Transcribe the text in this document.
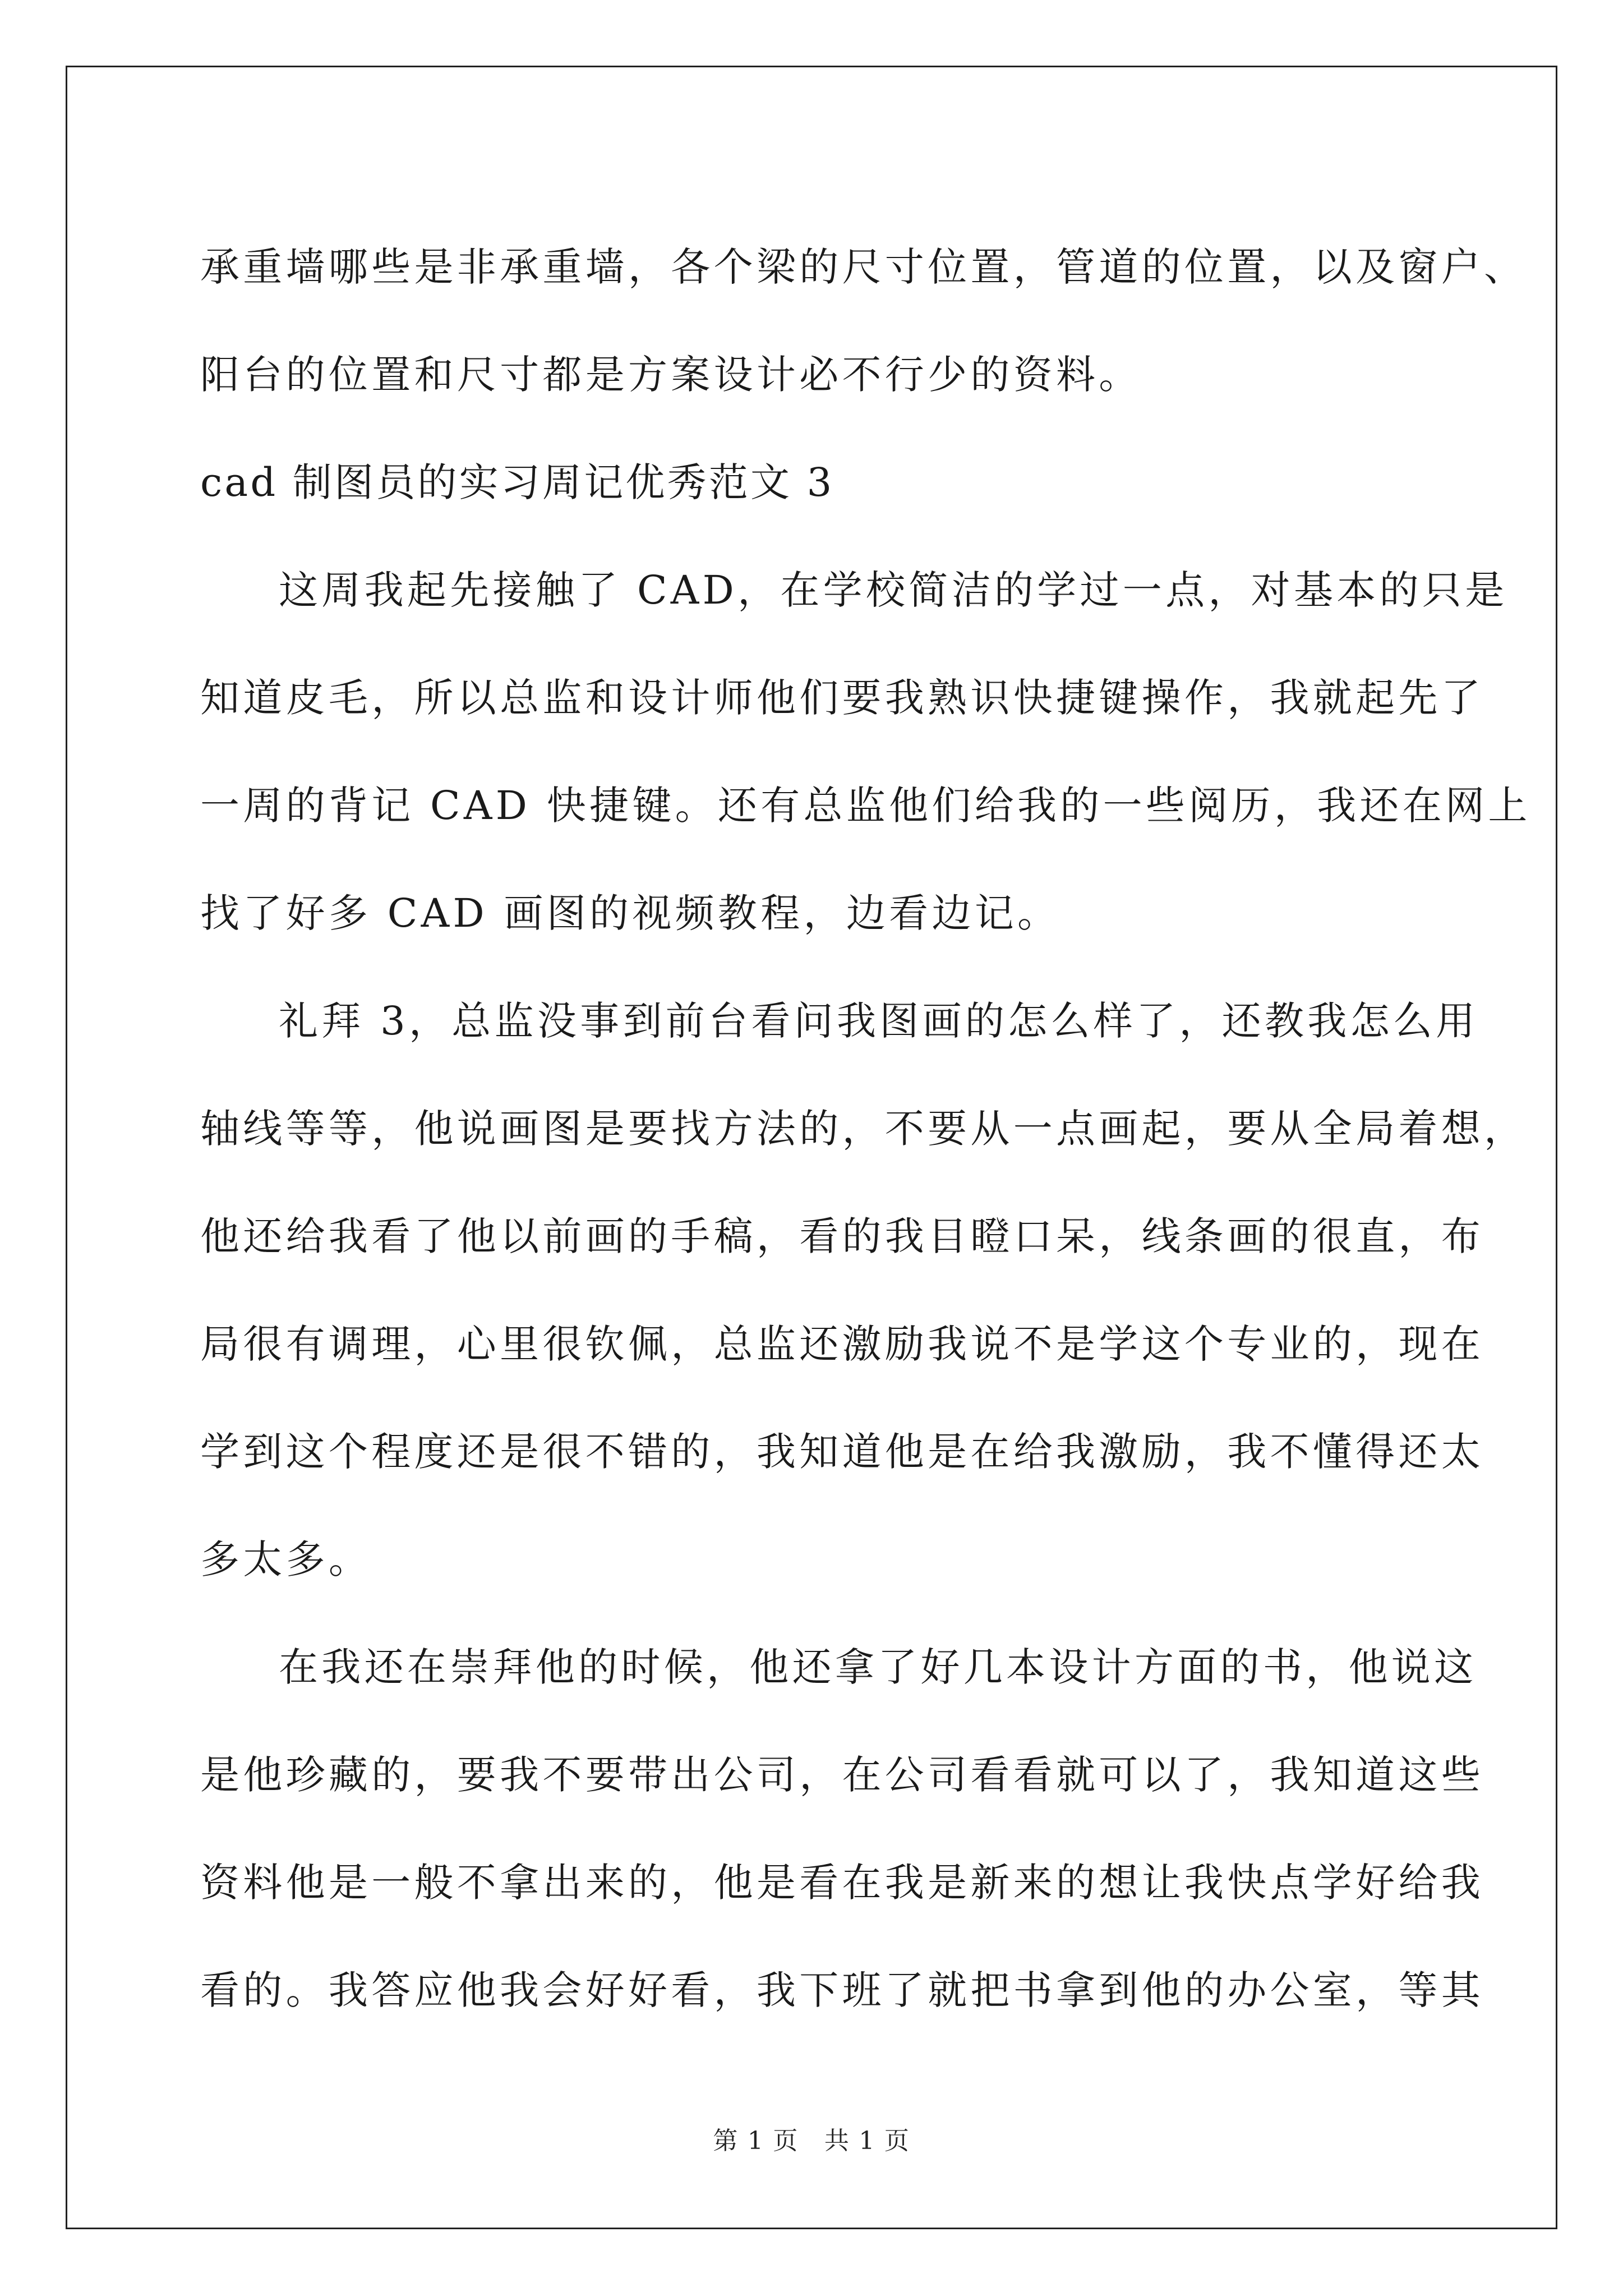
承重墙哪些是非承重墙，各个梁的尺寸位置，管道的位置，以及窗户、
阳台的位置和尺寸都是方案设计必不行少的资料。
cad 制图员的实习周记优秀范文 3
这周我起先接触了 CAD，在学校简洁的学过一点，对基本的只是
知道皮毛，所以总监和设计师他们要我熟识快捷键操作，我就起先了
一周的背记 CAD 快捷键。还有总监他们给我的一些阅历，我还在网上
找了好多 CAD 画图的视频教程，边看边记。
礼拜 3，总监没事到前台看问我图画的怎么样了，还教我怎么用
轴线等等，他说画图是要找方法的，不要从一点画起，要从全局着想，
他还给我看了他以前画的手稿，看的我目瞪口呆，线条画的很直，布
局很有调理，心里很钦佩，总监还激励我说不是学这个专业的，现在
学到这个程度还是很不错的，我知道他是在给我激励，我不懂得还太
多太多。
在我还在崇拜他的时候，他还拿了好几本设计方面的书，他说这
是他珍藏的，要我不要带出公司，在公司看看就可以了，我知道这些
资料他是一般不拿出来的，他是看在我是新来的想让我快点学好给我
看的。我答应他我会好好看，我下班了就把书拿到他的办公室，等其
第 1 页　共 1 页
